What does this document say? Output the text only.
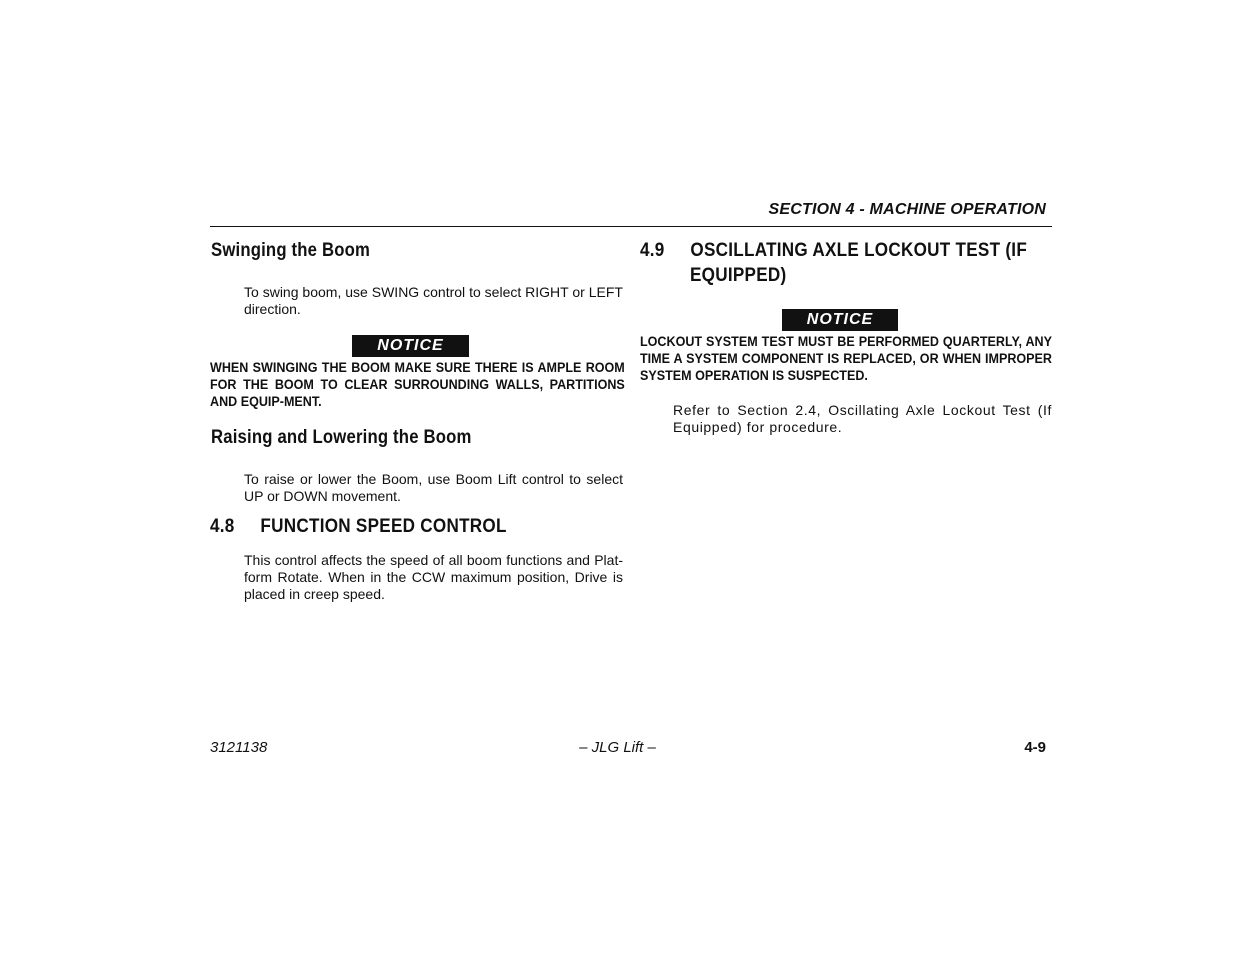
SECTION 4 - MACHINE OPERATION
Swinging the Boom
To swing boom, use SWING control to select RIGHT or LEFT direction.
NOTICE
WHEN SWINGING THE BOOM MAKE SURE THERE IS AMPLE ROOM FOR THE BOOM TO CLEAR SURROUNDING WALLS, PARTITIONS AND EQUIP-MENT.
Raising and Lowering the Boom
To raise or lower the Boom, use Boom Lift control to select UP or DOWN movement.
4.8 FUNCTION SPEED CONTROL
This control affects the speed of all boom functions and Plat-form Rotate. When in the CCW maximum position, Drive is placed in creep speed.
4.9 OSCILLATING AXLE LOCKOUT TEST (IF
EQUIPPED)
NOTICE
LOCKOUT SYSTEM TEST MUST BE PERFORMED QUARTERLY, ANY TIME A SYSTEM COMPONENT IS REPLACED, OR WHEN IMPROPER SYSTEM OPERATION IS SUSPECTED.
Refer to Section 2.4, Oscillating Axle Lockout Test (If Equipped) for procedure.
3121138	– JLG Lift –	4-9
